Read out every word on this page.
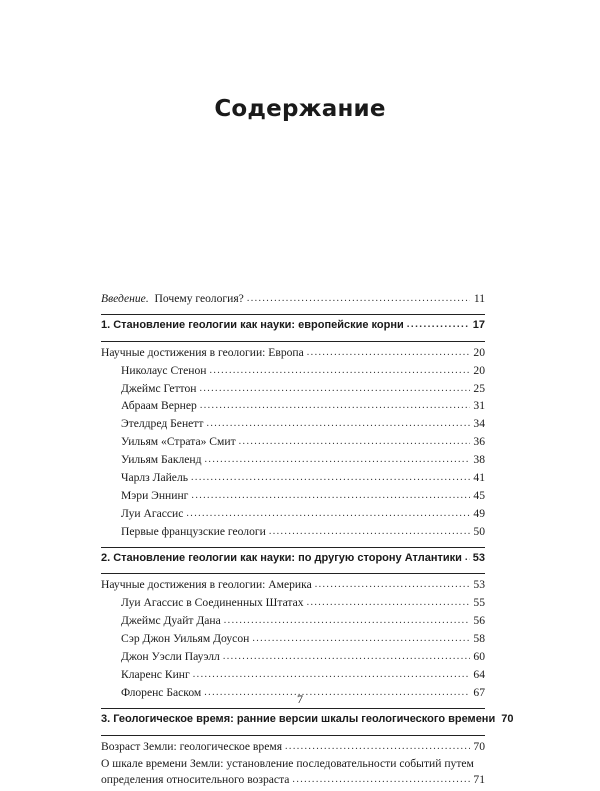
Содержание
Введение. Почему геология? .....	11
1. Становление геологии как науки: европейские корни .....	17
Научные достижения в геологии: Европа .....	20
Николаус Стенон .....	20
Джеймс Геттон .....	25
Абраам Вернер .....	31
Этелдред Бенетт .....	34
Уильям «Страта» Смит .....	36
Уильям Бакленд .....	38
Чарлз Лайель .....	41
Мэри Эннинг .....	45
Луи Агассис .....	49
Первые французские геологи .....	50
2. Становление геологии как науки: по другую сторону Атлантики ..... 53
Научные достижения в геологии: Америка .....	53
Луи Агассис в Соединенных Штатах .....	55
Джеймс Дуайт Дана .....	56
Сэр Джон Уильям Доусон .....	58
Джон Уэсли Пауэлл .....	60
Кларенс Кинг .....	64
Флоренс Баском .....	67
3. Геологическое время: ранние версии шкалы геологического времени 70
Возраст Земли: геологическое время .....	70
О шкале времени Земли: установление последовательности событий путем
определения относительного возраста .....	71
7
